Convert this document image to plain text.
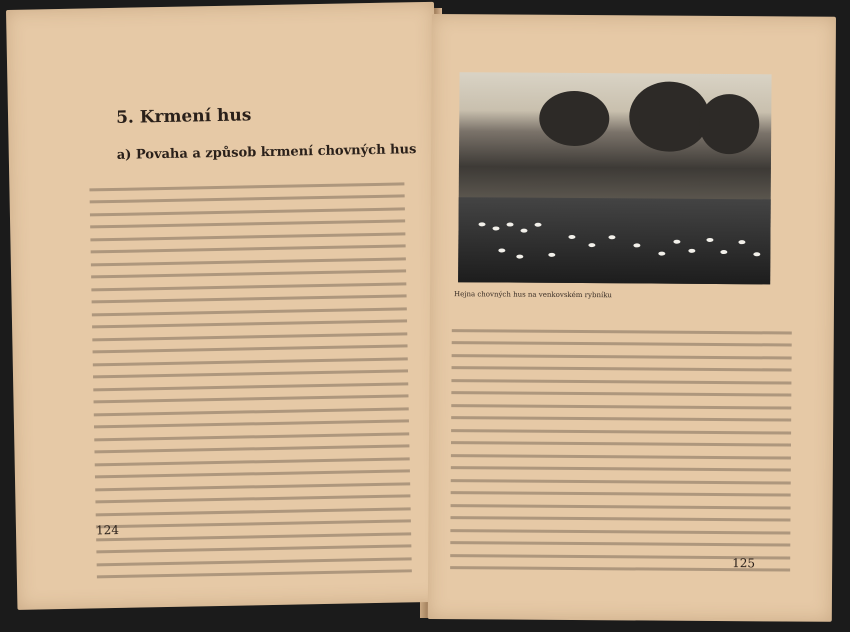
5. Krmení hus
a) Povaha a způsob krmení chovných hus
124

Hejna chovných hus na venkovském rybníku

125
